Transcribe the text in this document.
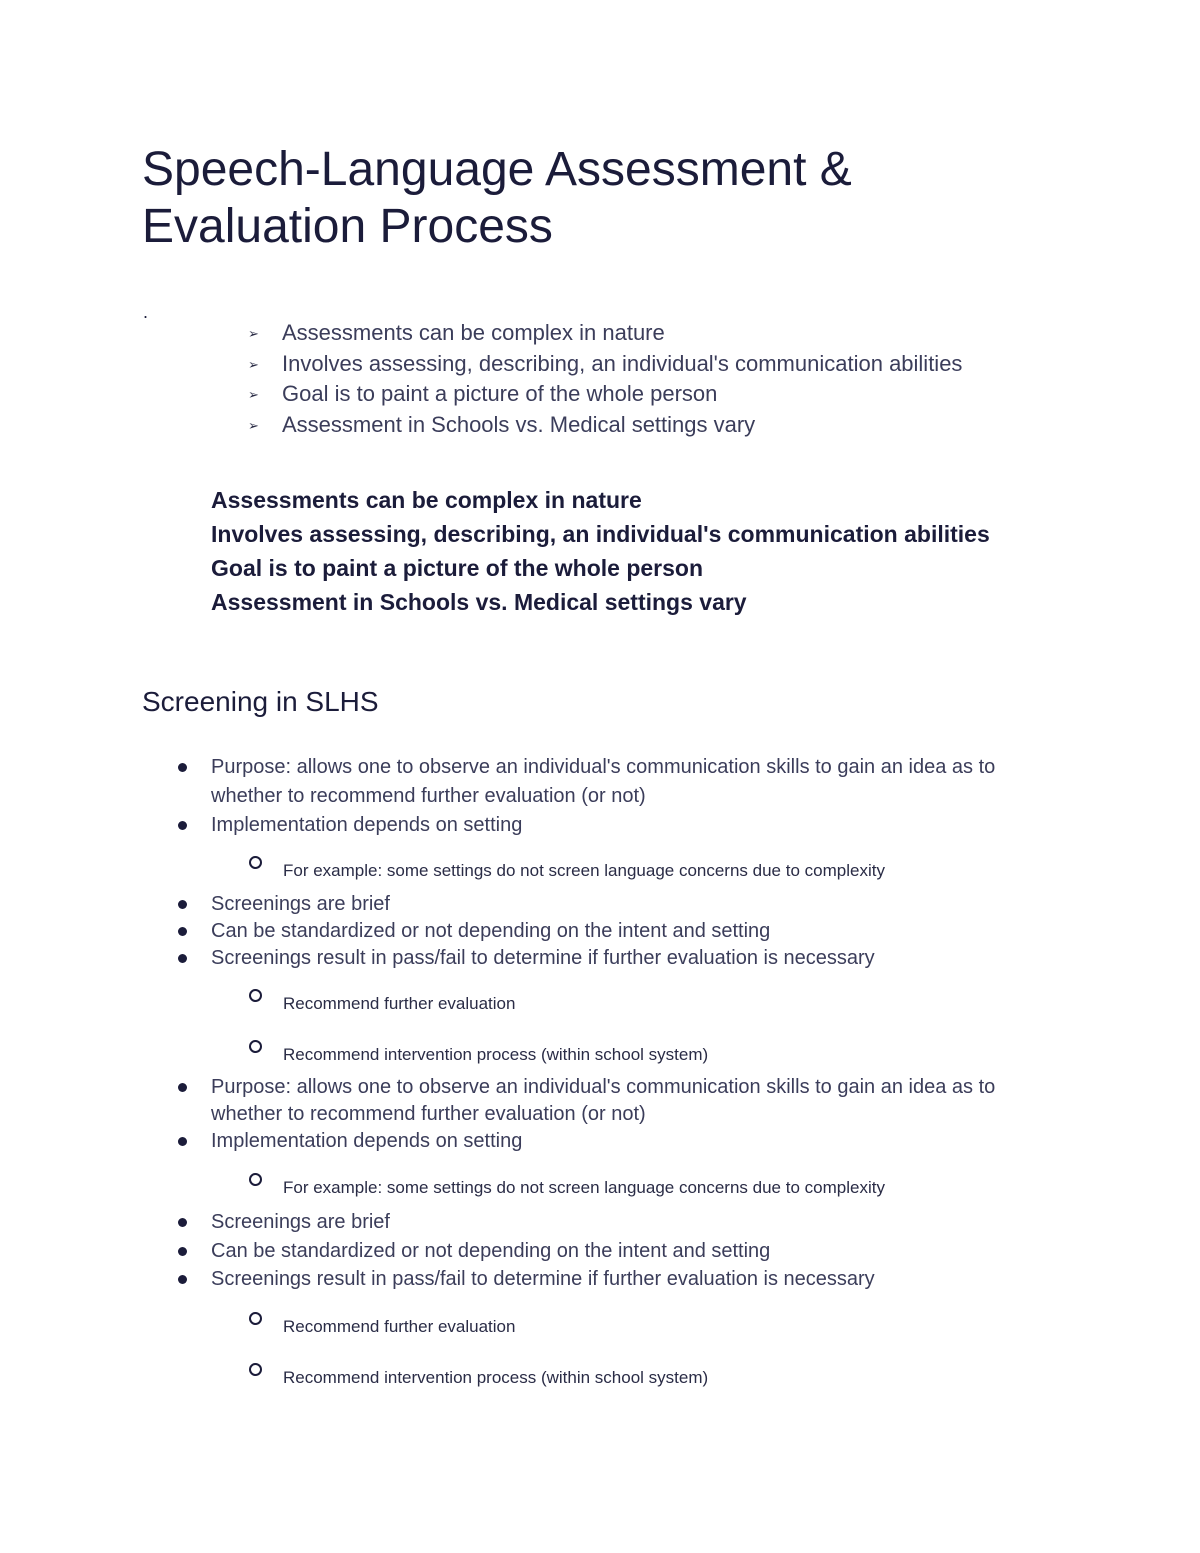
Speech-Language Assessment & Evaluation Process
.
➢	Assessments can be complex in nature
➢	Involves assessing, describing, an individual's communication abilities
➢	Goal is to paint a picture of the whole person
➢	Assessment in Schools vs. Medical settings vary
Assessments can be complex in nature
Involves assessing, describing, an individual's communication abilities
Goal is to paint a picture of the whole person
Assessment in Schools vs. Medical settings vary
Screening in SLHS
Purpose: allows one to observe an individual's communication skills to gain an idea as to
whether to recommend further evaluation (or not)
Implementation depends on setting
For example: some settings do not screen language concerns due to complexity
Screenings are brief
Can be standardized or not depending on the intent and setting
Screenings result in pass/fail to determine if further evaluation is necessary
Recommend further evaluation
Recommend intervention process (within school system)
Purpose: allows one to observe an individual's communication skills to gain an idea as to
whether to recommend further evaluation (or not)
Implementation depends on setting
For example: some settings do not screen language concerns due to complexity
Screenings are brief
Can be standardized or not depending on the intent and setting
Screenings result in pass/fail to determine if further evaluation is necessary
Recommend further evaluation
Recommend intervention process (within school system)
